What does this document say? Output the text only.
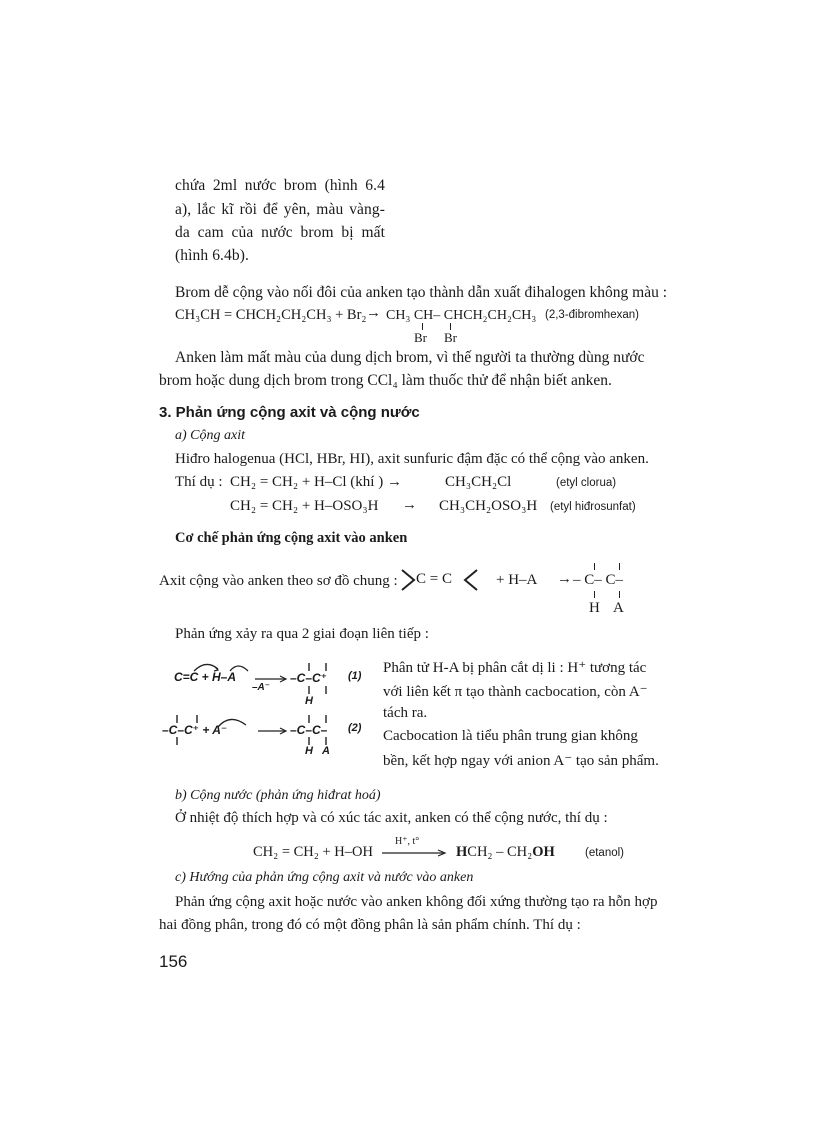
chứa 2ml nước brom (hình 6.4
a), lắc kĩ rồi để yên, màu vàng-
da cam của nước brom bị mất
(hình 6.4b).
Brom dễ cộng vào nối đôi của anken tạo thành dẫn xuất đihalogen không màu :
CH₃CH = CHCH₂CH₂CH₃ + Br₂ → CH₃ CH– CHCH₂CH₂CH₃ (2,3-đibromhexan)
Br Br
Anken làm mất màu của dung dịch brom, vì thế người ta thường dùng nước
brom hoặc dung dịch brom trong CCl₄ làm thuốc thử để nhận biết anken.
3. Phản ứng cộng axit và cộng nước
a) Cộng axit
Hiđro halogenua (HCl, HBr, HI), axit sunfuric đậm đặc có thể cộng vào anken.
Thí dụ : CH₂ = CH₂ + H–Cl (khí ) →	CH₃CH₂Cl	(etyl clorua)
CH₂ = CH₂ + H–OSO₃H → CH₃CH₂OSO₃H (etyl hiđrosunfat)
Cơ chế phản ứng cộng axit vào anken
Axit cộng vào anken theo sơ đồ chung : C = C	+ H–A → – C– C–
H A
Phản ứng xảy ra qua 2 giai đoạn liên tiếp :
C=C + H–A
–A⁻
–C–C⁺
H
(1)
–C–C⁺ + A⁻	–C–C–
H A
(2)
Phân tử H-A bị phân cắt dị li : H⁺ tương tác
với liên kết π tạo thành cacbocation, còn A⁻
tách ra.
Cacbocation là tiểu phân trung gian không
bền, kết hợp ngay với anion A⁻ tạo sản phẩm.
b) Cộng nước (phản ứng hiđrat hoá)
Ở nhiệt độ thích hợp và có xúc tác axit, anken có thể cộng nước, thí dụ :
CH₂ = CH₂ + H–OH
H⁺, t°
HCH₂ – CH₂OH	(etanol)
c) Hướng của phản ứng cộng axit và nước vào anken
Phản ứng cộng axit hoặc nước vào anken không đối xứng thường tạo ra hỗn hợp
hai đồng phân, trong đó có một đồng phân là sản phẩm chính. Thí dụ :
156
